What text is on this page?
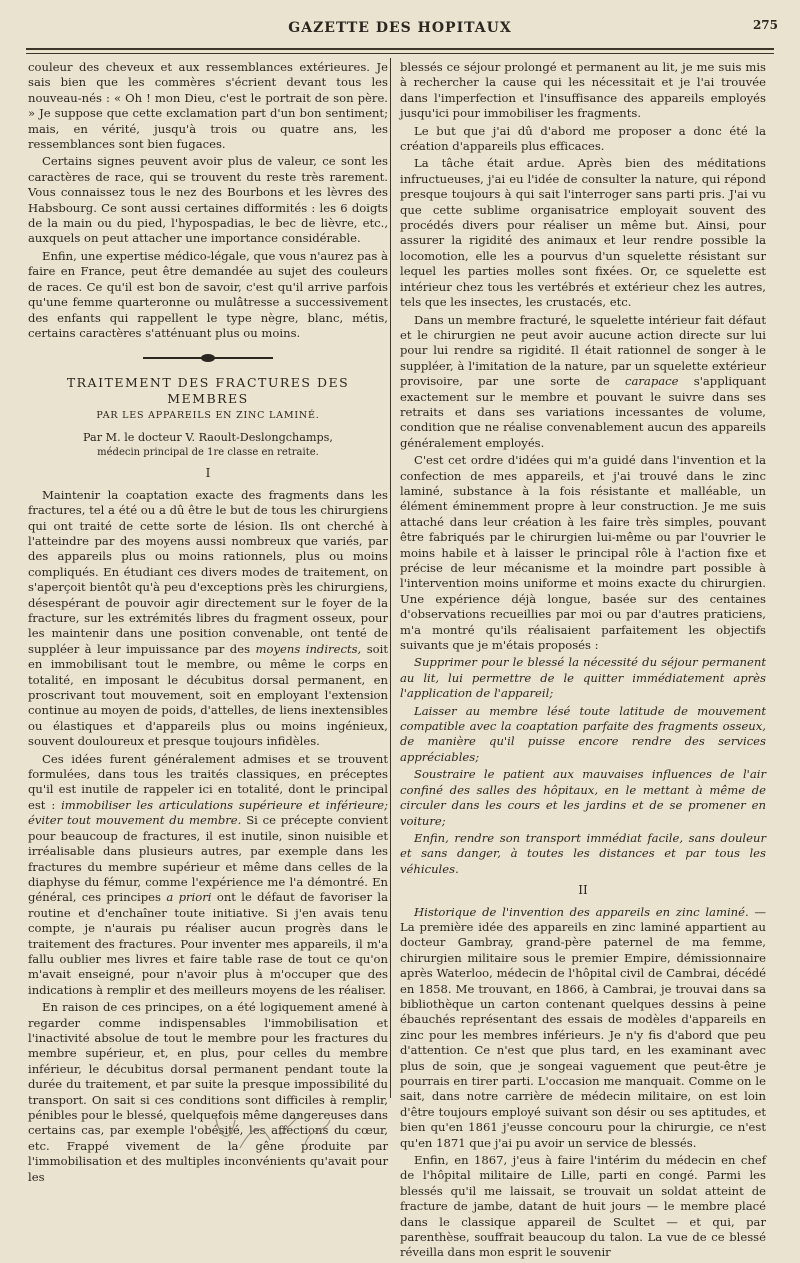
GAZETTE DES HOPITAUX	275

couleur des cheveux et aux ressemblances extérieures. Je sais bien que les commères s'écrient devant tous les nouveau-nés : « Oh ! mon Dieu, c'est le portrait de son père. » Je suppose que cette exclamation part d'un bon sentiment; mais, en vérité, jusqu'à trois ou quatre ans, les ressemblances sont bien fugaces.

Certains signes peuvent avoir plus de valeur, ce sont les caractères de race, qui se trouvent du reste très rarement. Vous connaissez tous le nez des Bourbons et les lèvres des Habsbourg. Ce sont aussi certaines difformités : les 6 doigts de la main ou du pied, l'hypospadias, le bec de lièvre, etc., auxquels on peut attacher une importance considérable.

Enfin, une expertise médico-légale, que vous n'aurez pas à faire en France, peut être demandée au sujet des couleurs de races. Ce qu'il est bon de savoir, c'est qu'il arrive parfois qu'une femme quarteronne ou mulâtresse a successivement des enfants qui rappellent le type nègre, blanc, métis, certains caractères s'atténuant plus ou moins.

TRAITEMENT DES FRACTURES DES MEMBRES

PAR LES APPAREILS EN ZINC LAMINÉ.

Par M. le docteur V. Raoult-Deslongchamps,

médecin principal de 1re classe en retraite.

I

Maintenir la coaptation exacte des fragments dans les fractures, tel a été ou a dû être le but de tous les chirurgiens qui ont traité de cette sorte de lésion. Ils ont cherché à l'atteindre par des moyens aussi nombreux que variés, par des appareils plus ou moins rationnels, plus ou moins compliqués. En étudiant ces divers modes de traitement, on s'aperçoit bientôt qu'à peu d'exceptions près les chirurgiens, désespérant de pouvoir agir directement sur le foyer de la fracture, sur les extrémités libres du fragment osseux, pour les maintenir dans une position convenable, ont tenté de suppléer à leur impuissance par des moyens indirects, soit en immobilisant tout le membre, ou même le corps en totalité, en imposant le décubitus dorsal permanent, en proscrivant tout mouvement, soit en employant l'extension continue au moyen de poids, d'attelles, de liens inextensibles ou élastiques et d'appareils plus ou moins ingénieux, souvent douloureux et presque toujours infidèles.

Ces idées furent généralement admises et se trouvent formulées, dans tous les traités classiques, en préceptes qu'il est inutile de rappeler ici en totalité, dont le principal est : immobiliser les articulations supérieure et inférieure; éviter tout mouvement du membre. Si ce précepte convient pour beaucoup de fractures, il est inutile, sinon nuisible et irréalisable dans plusieurs autres, par exemple dans les fractures du membre supérieur et même dans celles de la diaphyse du fémur, comme l'expérience me l'a démontré. En général, ces principes a priori ont le défaut de favoriser la routine et d'enchaîner toute initiative. Si j'en avais tenu compte, je n'aurais pu réaliser aucun progrès dans le traitement des fractures. Pour inventer mes appareils, il m'a fallu oublier mes livres et faire table rase de tout ce qu'on m'avait enseigné, pour n'avoir plus à m'occuper que des indications à remplir et des meilleurs moyens de les réaliser.

En raison de ces principes, on a été logiquement amené à regarder comme indispensables l'immobilisation et l'inactivité absolue de tout le membre pour les fractures du membre supérieur, et, en plus, pour celles du membre inférieur, le décubitus dorsal permanent pendant toute la durée du traitement, et par suite la presque impossibilité du transport. On sait si ces conditions sont difficiles à remplir, pénibles pour le blessé, quelquefois même dangereuses dans certains cas, par exemple l'obésité, les affections du cœur, etc. Frappé vivement de la gêne produite par l'immobilisation et des multiples inconvénients qu'avait pour les

blessés ce séjour prolongé et permanent au lit, je me suis mis à rechercher la cause qui les nécessitait et je l'ai trouvée dans l'imperfection et l'insuffisance des appareils employés jusqu'ici pour immobiliser les fragments.

Le but que j'ai dû d'abord me proposer a donc été la création d'appareils plus efficaces.

La tâche était ardue. Après bien des méditations infructueuses, j'ai eu l'idée de consulter la nature, qui répond presque toujours à qui sait l'interroger sans parti pris. J'ai vu que cette sublime organisatrice employait souvent des procédés divers pour réaliser un même but. Ainsi, pour assurer la rigidité des animaux et leur rendre possible la locomotion, elle les a pourvus d'un squelette résistant sur lequel les parties molles sont fixées. Or, ce squelette est intérieur chez tous les vertébrés et extérieur chez les autres, tels que les insectes, les crustacés, etc.

Dans un membre fracturé, le squelette intérieur fait défaut et le chirurgien ne peut avoir aucune action directe sur lui pour lui rendre sa rigidité. Il était rationnel de songer à le suppléer, à l'imitation de la nature, par un squelette extérieur provisoire, par une sorte de carapace s'appliquant exactement sur le membre et pouvant le suivre dans ses retraits et dans ses variations incessantes de volume, condition que ne réalise convenablement aucun des appareils généralement employés.

C'est cet ordre d'idées qui m'a guidé dans l'invention et la confection de mes appareils, et j'ai trouvé dans le zinc laminé, substance à la fois résistante et malléable, un élément éminemment propre à leur construction. Je me suis attaché dans leur création à les faire très simples, pouvant être fabriqués par le chirurgien lui-même ou par l'ouvrier le moins habile et à laisser le principal rôle à l'action fixe et précise de leur mécanisme et la moindre part possible à l'intervention moins uniforme et moins exacte du chirurgien. Une expérience déjà longue, basée sur des centaines d'observations recueillies par moi ou par d'autres praticiens, m'a montré qu'ils réalisaient parfaitement les objectifs suivants que je m'étais proposés :

Supprimer pour le blessé la nécessité du séjour permanent au lit, lui permettre de le quitter immédiatement après l'application de l'appareil;

Laisser au membre lésé toute latitude de mouvement compatible avec la coaptation parfaite des fragments osseux, de manière qu'il puisse encore rendre des services appréciables;

Soustraire le patient aux mauvaises influences de l'air confiné des salles des hôpitaux, en le mettant à même de circuler dans les cours et les jardins et de se promener en voiture;

Enfin, rendre son transport immédiat facile, sans douleur et sans danger, à toutes les distances et par tous les véhicules.

II

Historique de l'invention des appareils en zinc laminé. — La première idée des appareils en zinc laminé appartient au docteur Gambray, grand-père paternel de ma femme, chirurgien militaire sous le premier Empire, démissionnaire après Waterloo, médecin de l'hôpital civil de Cambrai, décédé en 1858. Me trouvant, en 1866, à Cambrai, je trouvai dans sa bibliothèque un carton contenant quelques dessins à peine ébauchés représentant des essais de modèles d'appareils en zinc pour les membres inférieurs. Je n'y fis d'abord que peu d'attention. Ce n'est que plus tard, en les examinant avec plus de soin, que je songeai vaguement que peut-être je pourrais en tirer parti. L'occasion me manquait. Comme on le sait, dans notre carrière de médecin militaire, on est loin d'être toujours employé suivant son désir ou ses aptitudes, et bien qu'en 1861 j'eusse concouru pour la chirurgie, ce n'est qu'en 1871 que j'ai pu avoir un service de blessés.

Enfin, en 1867, j'eus à faire l'intérim du médecin en chef de l'hôpital militaire de Lille, parti en congé. Parmi les blessés qu'il me laissait, se trouvait un soldat atteint de fracture de jambe, datant de huit jours — le membre placé dans le classique appareil de Scultet — et qui, par parenthèse, souffrait beaucoup du talon. La vue de ce blessé réveilla dans mon esprit le souvenir
